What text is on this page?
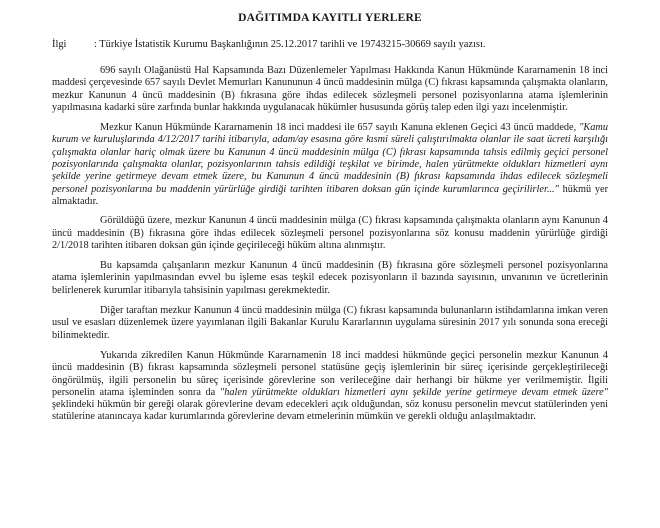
DAĞITIMDA KAYITLI YERLERE
İlgi	: Türkiye İstatistik Kurumu Başkanlığının 25.12.2017 tarihli ve 19743215-30669 sayılı yazısı.

696 sayılı Olağanüstü Hal Kapsamında Bazı Düzenlemeler Yapılması Hakkında Kanun Hükmünde Kararnamenin 18 inci maddesi çerçevesinde 657 sayılı Devlet Memurları Kanununun 4 üncü maddesinin mülga (C) fıkrası kapsamında çalışmakta olanların, mezkur Kanunun 4 üncü maddesinin (B) fıkrasına göre ihdas edilecek sözleşmeli personel pozisyonlarına atama işlemlerinin yapılmasına kadarki süre zarfında bunlar hakkında uygulanacak hükümler hususunda görüş talep eden ilgi yazı incelenmiştir.

Mezkur Kanun Hükmünde Kararnamenin 18 inci maddesi ile 657 sayılı Kanuna eklenen Geçici 43 üncü maddede, "Kamu kurum ve kuruluşlarında 4/12/2017 tarihi itibarıyla, adam/ay esasına göre kısmi süreli çalıştırılmakta olanlar ile saat ücreti karşılığı çalışmakta olanlar hariç olmak üzere bu Kanunun 4 üncü maddesinin mülga (C) fıkrası kapsamında tahsis edilmiş geçici personel pozisyonlarında çalışmakta olanlar, pozisyonlarının tahsis edildiği teşkilat ve birimde, halen yürütmekte oldukları hizmetleri aynı şekilde yerine getirmeye devam etmek üzere, bu Kanunun 4 üncü maddesinin (B) fıkrası kapsamında ihdas edilecek sözleşmeli personel pozisyonlarına bu maddenin yürürlüğe girdiği tarihten itibaren doksan gün içinde kurumlarınca geçirilirler..." hükmü yer almaktadır.

Görüldüğü üzere, mezkur Kanunun 4 üncü maddesinin mülga (C) fıkrası kapsamında çalışmakta olanların aynı Kanunun 4 üncü maddesinin (B) fıkrasına göre ihdas edilecek sözleşmeli personel pozisyonlarına söz konusu maddenin yürürlüğe girdiği 2/1/2018 tarihten itibaren doksan gün içinde geçirileceği hüküm altına alınmıştır.

Bu kapsamda çalışanların mezkur Kanunun 4 üncü maddesinin (B) fıkrasına göre sözleşmeli personel pozisyonlarına atama işlemlerinin yapılmasından evvel bu işleme esas teşkil edecek pozisyonların il bazında sayısının, unvanının ve ücretlerinin belirlenerek kurumlar itibarıyla tahsisinin yapılması gerekmektedir.

Diğer taraftan mezkur Kanunun 4 üncü maddesinin mülga (C) fıkrası kapsamında bulunanların istihdamlarına imkan veren usul ve esasları düzenlemek üzere yayımlanan ilgili Bakanlar Kurulu Kararlarının uygulama süresinin 2017 yılı sonunda sona ereceği bilinmektedir.

Yukarıda zikredilen Kanun Hükmünde Kararnamenin 18 inci maddesi hükmünde geçici personelin mezkur Kanunun 4 üncü maddesinin (B) fıkrası kapsamında sözleşmeli personel statüsüne geçiş işlemlerinin bir süreç içerisinde gerçekleştirileceği öngörülmüş, ilgili personelin bu süreç içerisinde görevlerine son verileceğine dair herhangi bir hükme yer verilmemiştir. İlgili personelin atama işleminden sonra da "halen yürütmekte oldukları hizmetleri aynı şekilde yerine getirmeye devam etmek üzere" şeklindeki hükmün bir gereği olarak görevlerine devam edecekleri açık olduğundan, söz konusu personelin mevcut statülerinden yeni statülerine atanıncaya kadar kurumlarında görevlerine devam etmelerinin mümkün ve gerekli olduğu anlaşılmaktadır.
